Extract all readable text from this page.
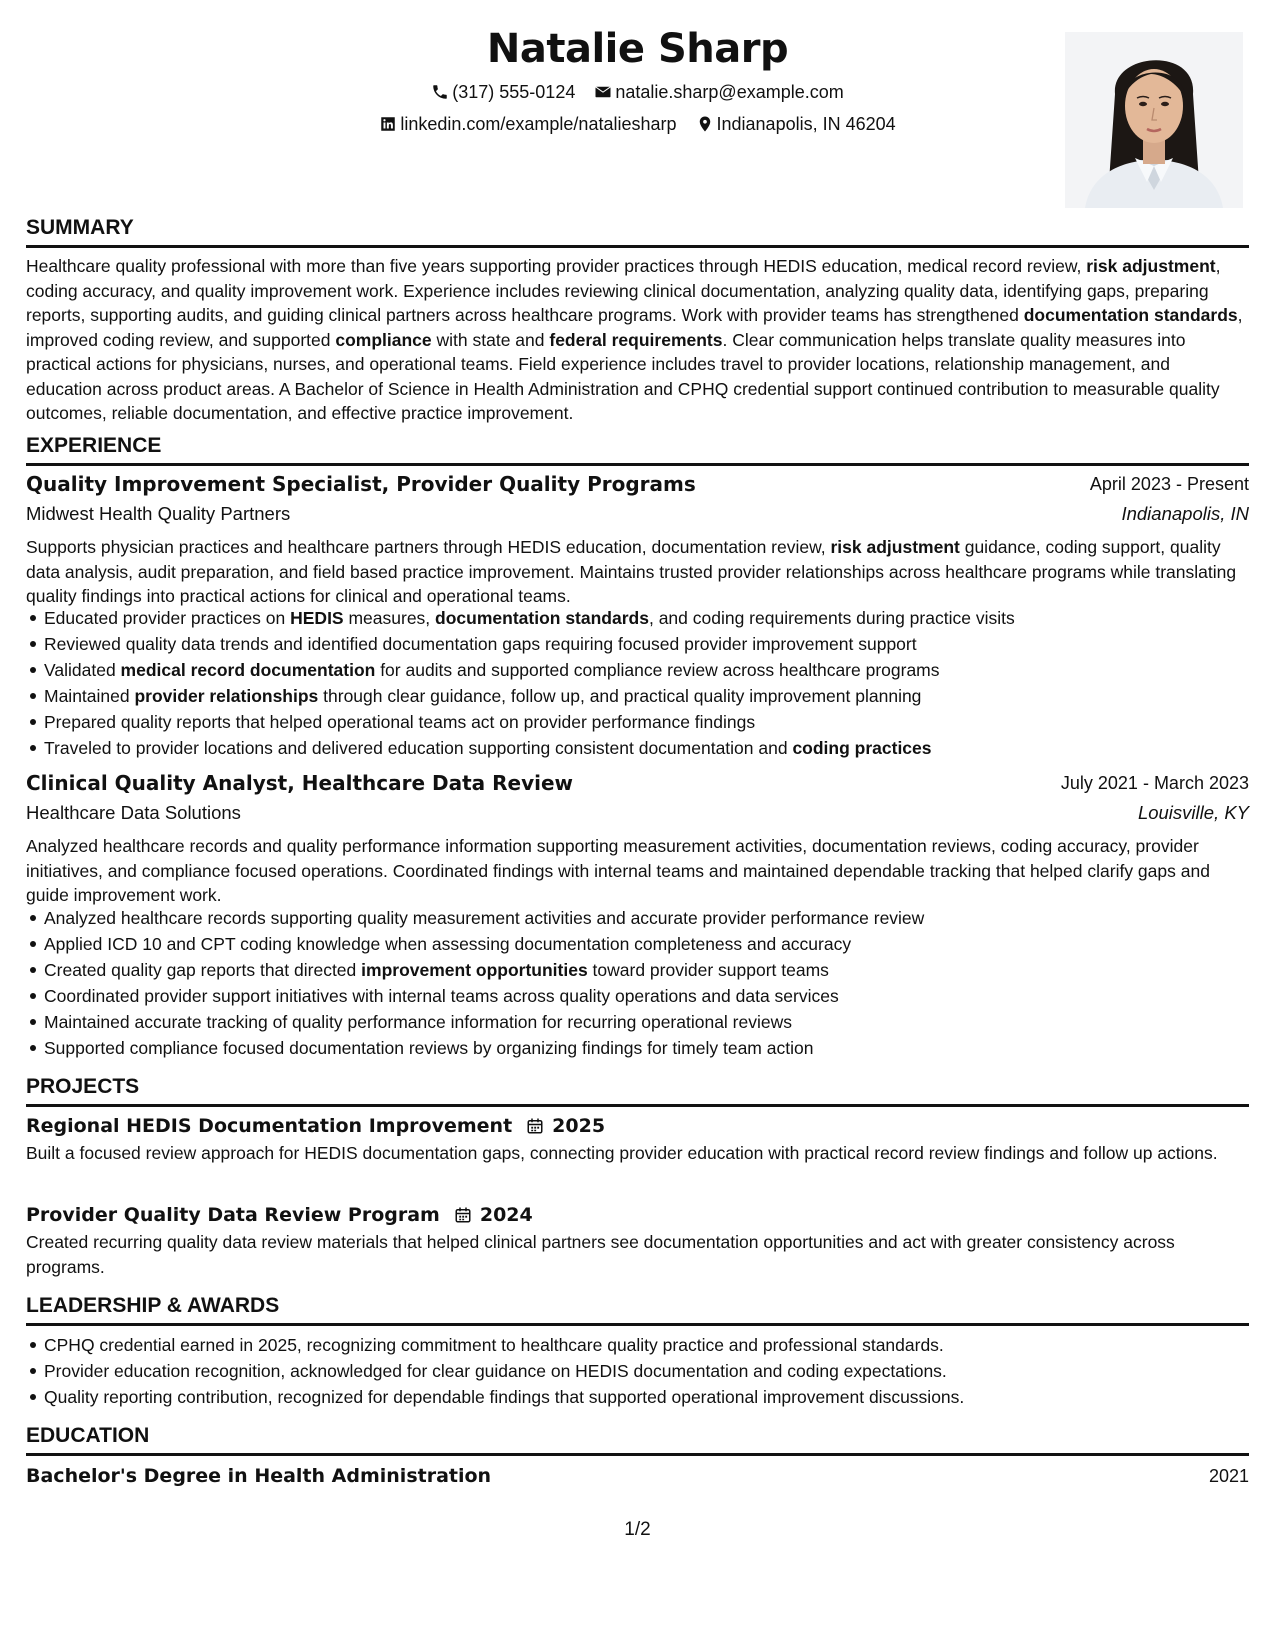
Natalie Sharp
(317) 555-0124
natalie.sharp@example.com
linkedin.com/example/nataliesharp
Indianapolis, IN 46204
SUMMARY
Healthcare quality professional with more than five years supporting provider practices through HEDIS education, medical record review, risk adjustment, coding accuracy, and quality improvement work. Experience includes reviewing clinical documentation, analyzing quality data, identifying gaps, preparing reports, supporting audits, and guiding clinical partners across healthcare programs. Work with provider teams has strengthened documentation standards, improved coding review, and supported compliance with state and federal requirements. Clear communication helps translate quality measures into practical actions for physicians, nurses, and operational teams. Field experience includes travel to provider locations, relationship management, and education across product areas. A Bachelor of Science in Health Administration and CPHQ credential support continued contribution to measurable quality outcomes, reliable documentation, and effective practice improvement.
EXPERIENCE
Quality Improvement Specialist, Provider Quality Programs	April 2023 - Present
Midwest Health Quality Partners	Indianapolis, IN
Supports physician practices and healthcare partners through HEDIS education, documentation review, risk adjustment guidance, coding support, quality data analysis, audit preparation, and field based practice improvement. Maintains trusted provider relationships across healthcare programs while translating quality findings into practical actions for clinical and operational teams.
Educated provider practices on HEDIS measures, documentation standards, and coding requirements during practice visits
Reviewed quality data trends and identified documentation gaps requiring focused provider improvement support
Validated medical record documentation for audits and supported compliance review across healthcare programs
Maintained provider relationships through clear guidance, follow up, and practical quality improvement planning
Prepared quality reports that helped operational teams act on provider performance findings
Traveled to provider locations and delivered education supporting consistent documentation and coding practices
Clinical Quality Analyst, Healthcare Data Review	July 2021 - March 2023
Healthcare Data Solutions	Louisville, KY
Analyzed healthcare records and quality performance information supporting measurement activities, documentation reviews, coding accuracy, provider initiatives, and compliance focused operations. Coordinated findings with internal teams and maintained dependable tracking that helped clarify gaps and guide improvement work.
Analyzed healthcare records supporting quality measurement activities and accurate provider performance review
Applied ICD 10 and CPT coding knowledge when assessing documentation completeness and accuracy
Created quality gap reports that directed improvement opportunities toward provider support teams
Coordinated provider support initiatives with internal teams across quality operations and data services
Maintained accurate tracking of quality performance information for recurring operational reviews
Supported compliance focused documentation reviews by organizing findings for timely team action
PROJECTS
Regional HEDIS Documentation Improvement 2025
Built a focused review approach for HEDIS documentation gaps, connecting provider education with practical record review findings and follow up actions.
Provider Quality Data Review Program 2024
Created recurring quality data review materials that helped clinical partners see documentation opportunities and act with greater consistency across programs.
LEADERSHIP & AWARDS
CPHQ credential earned in 2025, recognizing commitment to healthcare quality practice and professional standards.
Provider education recognition, acknowledged for clear guidance on HEDIS documentation and coding expectations.
Quality reporting contribution, recognized for dependable findings that supported operational improvement discussions.
EDUCATION
Bachelor's Degree in Health Administration	2021
1/2
